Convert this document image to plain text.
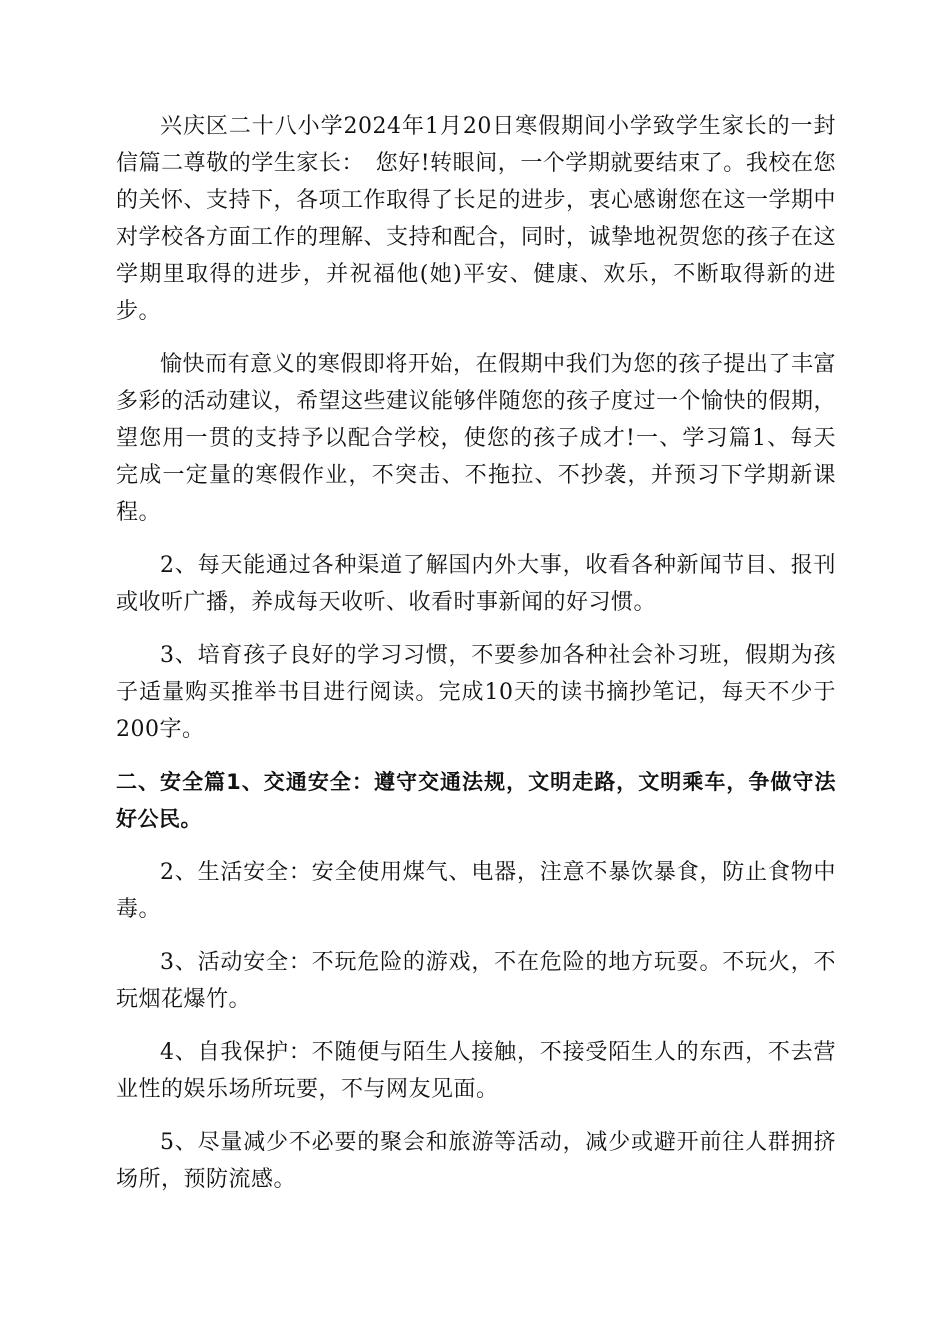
兴庆区二十八小学2024年1月20日寒假期间小学致学生家长的一封信篇二尊敬的学生家长：　您好!转眼间，一个学期就要结束了。我校在您的关怀、支持下，各项工作取得了长足的进步，衷心感谢您在这一学期中对学校各方面工作的理解、支持和配合，同时，诚挚地祝贺您的孩子在这学期里取得的进步，并祝福他(她)平安、健康、欢乐，不断取得新的进步。

愉快而有意义的寒假即将开始，在假期中我们为您的孩子提出了丰富多彩的活动建议，希望这些建议能够伴随您的孩子度过一个愉快的假期，望您用一贯的支持予以配合学校，使您的孩子成才!一、学习篇1、每天完成一定量的寒假作业，不突击、不拖拉、不抄袭，并预习下学期新课程。

2、每天能通过各种渠道了解国内外大事，收看各种新闻节目、报刊或收听广播，养成每天收听、收看时事新闻的好习惯。

3、培育孩子良好的学习习惯，不要参加各种社会补习班，假期为孩子适量购买推举书目进行阅读。完成10天的读书摘抄笔记，每天不少于200字。

二、安全篇1、交通安全：遵守交通法规，文明走路，文明乘车，争做守法好公民。

2、生活安全：安全使用煤气、电器，注意不暴饮暴食，防止食物中毒。

3、活动安全：不玩危险的游戏，不在危险的地方玩耍。不玩火，不玩烟花爆竹。

4、自我保护：不随便与陌生人接触，不接受陌生人的东西，不去营业性的娱乐场所玩要，不与网友见面。

5、尽量减少不必要的聚会和旅游等活动，减少或避开前往人群拥挤场所，预防流感。
